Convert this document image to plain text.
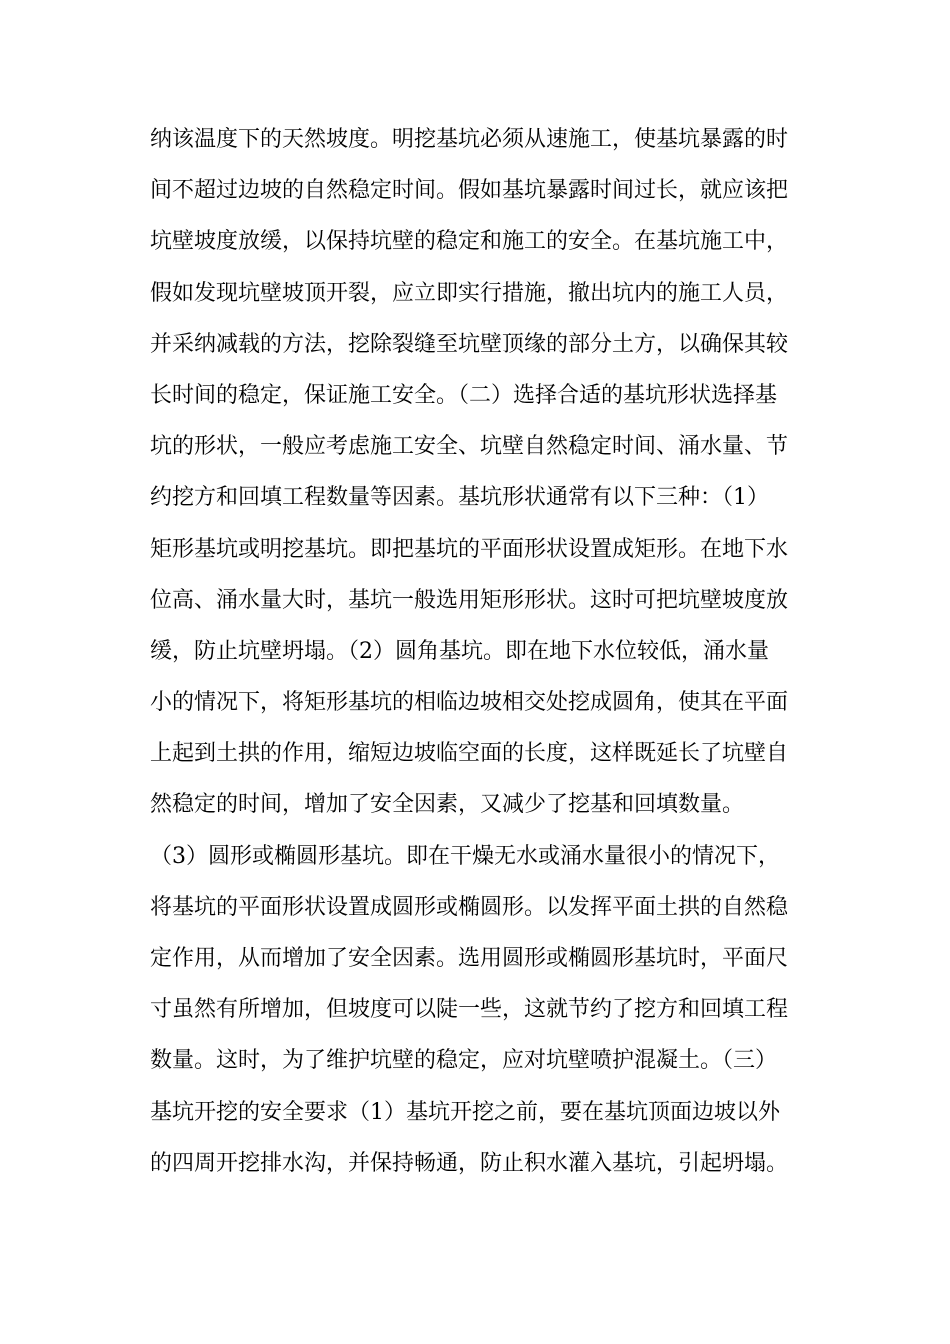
纳该温度下的天然坡度。明挖基坑必须从速施工，使基坑暴露的时
间不超过边坡的自然稳定时间。假如基坑暴露时间过长，就应该把
坑壁坡度放缓，以保持坑壁的稳定和施工的安全。在基坑施工中，
假如发现坑壁坡顶开裂，应立即实行措施，撤出坑内的施工人员，
并采纳减载的方法，挖除裂缝至坑壁顶缘的部分土方，以确保其较
长时间的稳定，保证施工安全。（二）选择合适的基坑形状选择基
坑的形状，一般应考虑施工安全、坑壁自然稳定时间、涌水量、节
约挖方和回填工程数量等因素。基坑形状通常有以下三种：（1）
矩形基坑或明挖基坑。即把基坑的平面形状设置成矩形。在地下水
位高、涌水量大时，基坑一般选用矩形形状。这时可把坑壁坡度放
缓，防止坑壁坍塌。（2）圆角基坑。即在地下水位较低，涌水量
小的情况下，将矩形基坑的相临边坡相交处挖成圆角，使其在平面
上起到土拱的作用，缩短边坡临空面的长度，这样既延长了坑壁自
然稳定的时间，增加了安全因素，又减少了挖基和回填数量。
（3）圆形或椭圆形基坑。即在干燥无水或涌水量很小的情况下，
将基坑的平面形状设置成圆形或椭圆形。以发挥平面土拱的自然稳
定作用，从而增加了安全因素。选用圆形或椭圆形基坑时，平面尺
寸虽然有所增加，但坡度可以陡一些，这就节约了挖方和回填工程
数量。这时，为了维护坑壁的稳定，应对坑壁喷护混凝土。（三）
基坑开挖的安全要求（1）基坑开挖之前，要在基坑顶面边坡以外
的四周开挖排水沟，并保持畅通，防止积水灌入基坑，引起坍塌。
